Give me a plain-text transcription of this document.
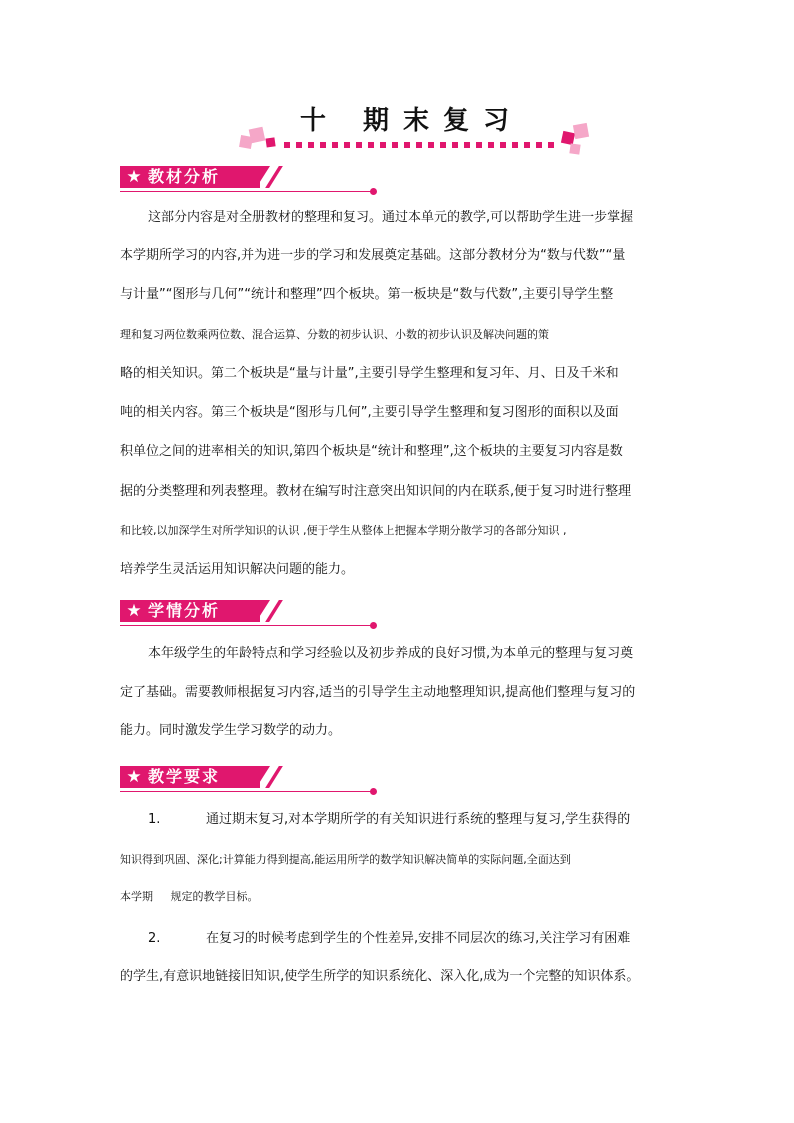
十 期末复习
★ 教材分析
这部分内容是对全册教材的整理和复习。通过本单元的教学,可以帮助学生进一步掌握
本学期所学习的内容,并为进一步的学习和发展奠定基础。这部分教材分为“数与代数”“量
与计量”“图形与几何”“统计和整理”四个板块。第一板块是“数与代数”,主要引导学生整
理和复习两位数乘两位数、混合运算、分数的初步认识、小数的初步认识及解决问题的策
略的相关知识。第二个板块是“量与计量”,主要引导学生整理和复习年、月、日及千米和
吨的相关内容。第三个板块是“图形与几何”,主要引导学生整理和复习图形的面积以及面
积单位之间的进率相关的知识,第四个板块是“统计和整理”,这个板块的主要复习内容是数
据的分类整理和列表整理。教材在编写时注意突出知识间的内在联系,便于复习时进行整理
和比较,以加深学生对所学知识的认识 ,便于学生从整体上把握本学期分散学习的各部分知识 ,
培养学生灵活运用知识解决问题的能力。
★ 学情分析
本年级学生的年龄特点和学习经验以及初步养成的良好习惯,为本单元的整理与复习奠
定了基础。需要教师根据复习内容,适当的引导学生主动地整理知识,提高他们整理与复习的
能力。同时激发学生学习数学的动力。
★ 教学要求
1.	通过期末复习,对本学期所学的有关知识进行系统的整理与复习,学生获得的
知识得到巩固、深化;计算能力得到提高,能运用所学的数学知识解决简单的实际问题,全面达到
本学期     规定的教学目标。
2.	在复习的时候考虑到学生的个性差异,安排不同层次的练习,关注学习有困难
的学生,有意识地链接旧知识,使学生所学的知识系统化、深入化,成为一个完整的知识体系。
